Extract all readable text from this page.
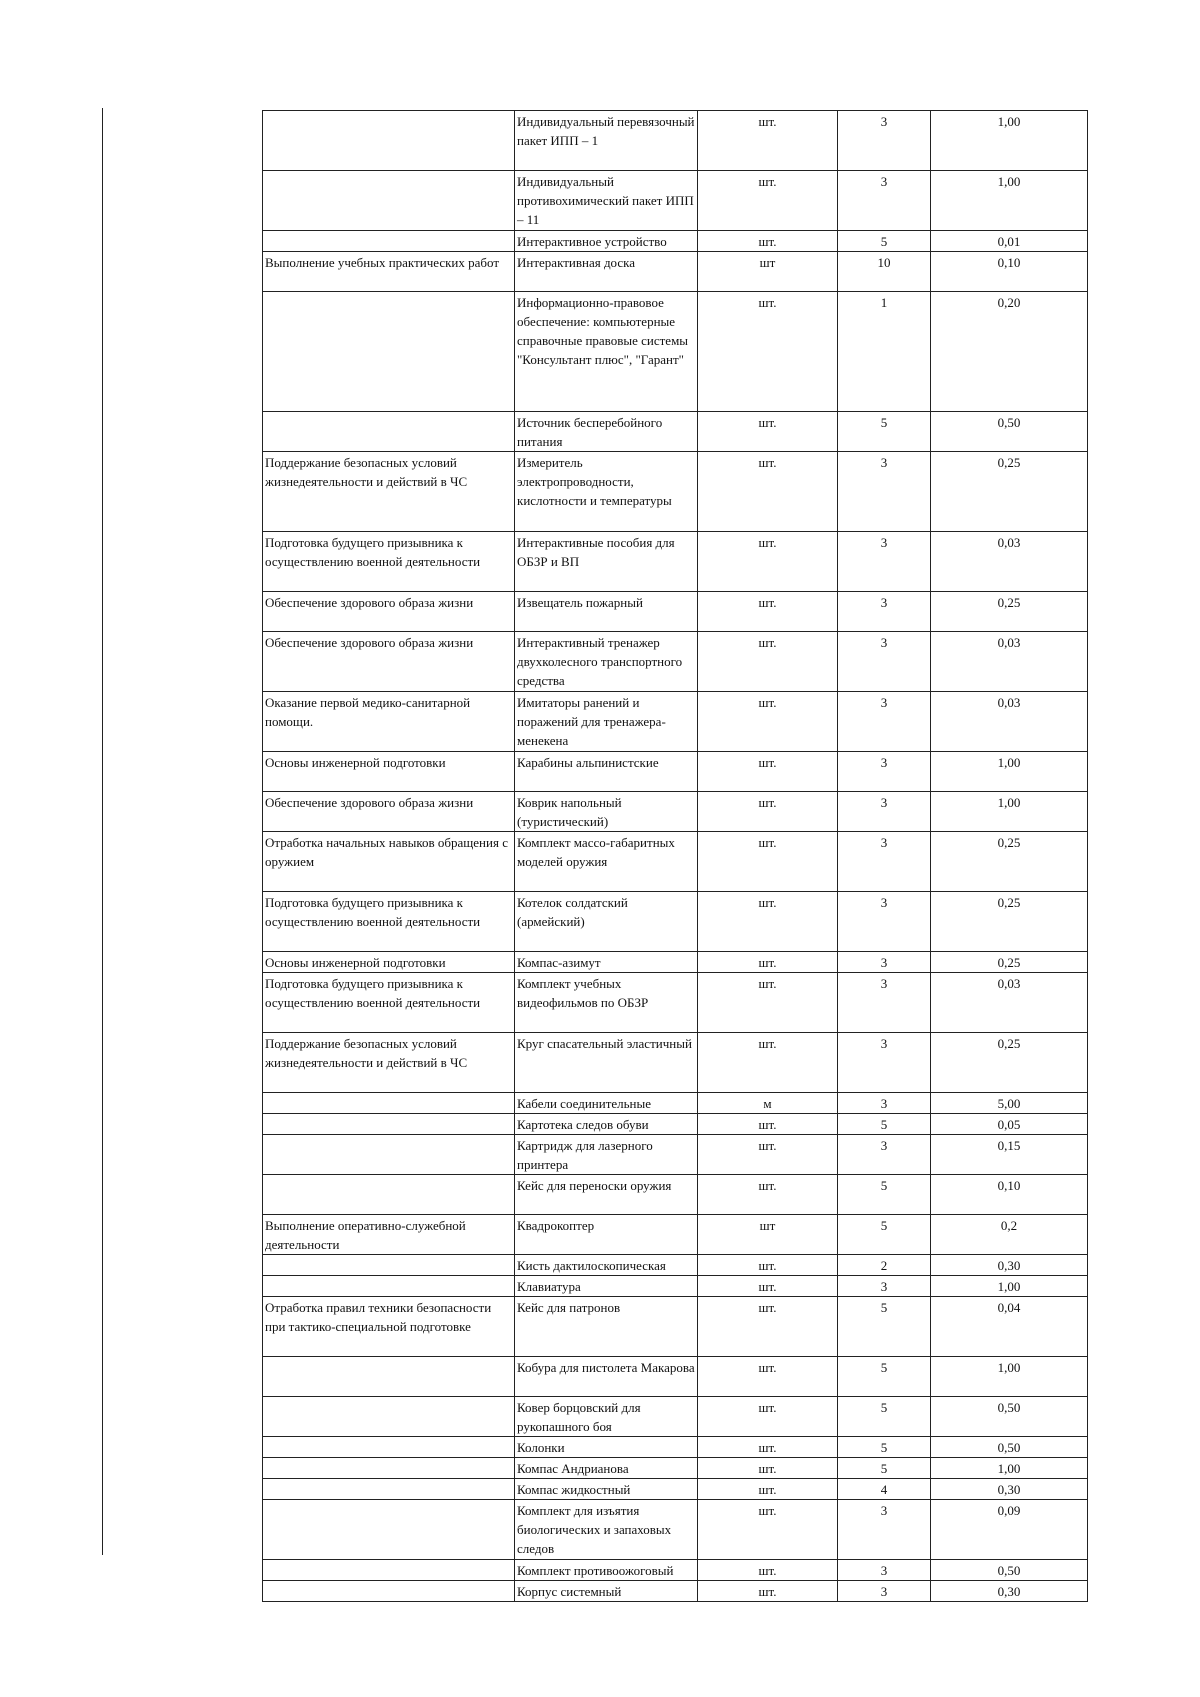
	Индивидуальный перевязочный пакет ИПП – 1	шт.	3	1,00
	Индивидуальный противохимический пакет ИПП – 11	шт.	3	1,00
	Интерактивное устройство	шт.	5	0,01
Выполнение учебных практических работ	Интерактивная доска	шт	10	0,10
	Информационно-правовое обеспечение: компьютерные справочные правовые системы "Консультант плюс", "Гарант"	шт.	1	0,20
	Источник бесперебойного питания	шт.	5	0,50
Поддержание безопасных условий жизнедеятельности и действий в ЧС	Измеритель электропроводности, кислотности и температуры	шт.	3	0,25
Подготовка будущего призывника к осуществлению военной деятельности	Интерактивные пособия для ОБЗР и ВП	шт.	3	0,03
Обеспечение здорового образа жизни	Извещатель пожарный	шт.	3	0,25
Обеспечение здорового образа жизни	Интерактивный тренажер двухколесного транспортного средства	шт.	3	0,03
Оказание первой медико-санитарной помощи.	Имитаторы ранений и поражений для тренажера-менекена	шт.	3	0,03
Основы инженерной подготовки	Карабины альпинистские	шт.	3	1,00
Обеспечение здорового образа жизни	Коврик напольный (туристический)	шт.	3	1,00
Отработка начальных навыков обращения с оружием	Комплект массо-габаритных моделей оружия	шт.	3	0,25
Подготовка будущего призывника к осуществлению военной деятельности	Котелок солдатский (армейский)	шт.	3	0,25
Основы инженерной подготовки	Компас-азимут	шт.	3	0,25
Подготовка будущего призывника к осуществлению военной деятельности	Комплект учебных видеофильмов по ОБЗР	шт.	3	0,03
Поддержание безопасных условий жизнедеятельности и действий в ЧС	Круг спасательный эластичный	шт.	3	0,25
	Кабели соединительные	м	3	5,00
	Картотека следов обуви	шт.	5	0,05
	Картридж для лазерного принтера	шт.	3	0,15
	Кейс для переноски оружия	шт.	5	0,10
Выполнение оперативно-служебной деятельности	Квадрокоптер	шт	5	0,2
	Кисть дактилоскопическая	шт.	2	0,30
	Клавиатура	шт.	3	1,00
Отработка правил техники безопасности при тактико-специальной подготовке	Кейс для патронов	шт.	5	0,04
	Кобура для пистолета Макарова	шт.	5	1,00
	Ковер борцовский для рукопашного боя	шт.	5	0,50
	Колонки	шт.	5	0,50
	Компас Андрианова	шт.	5	1,00
	Компас жидкостный	шт.	4	0,30
	Комплект для изъятия биологических и запаховых следов	шт.	3	0,09
	Комплект противоожоговый	шт.	3	0,50
	Корпус системный	шт.	3	0,30
